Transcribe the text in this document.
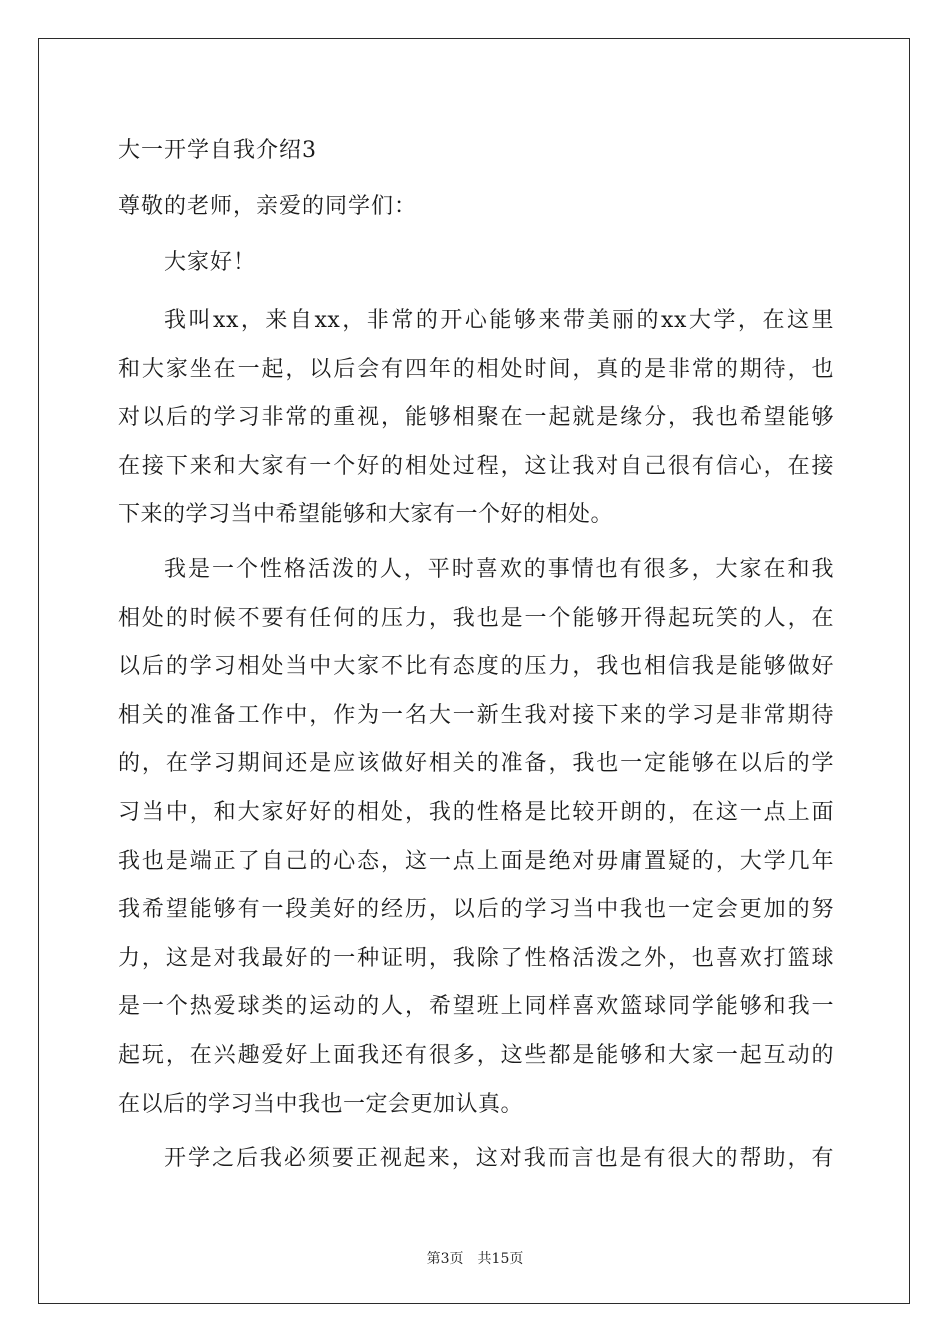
大一开学自我介绍3
尊敬的老师，亲爱的同学们：
大家好！
我叫xx，来自xx，非常的开心能够来带美丽的xx大学，在这里
和大家坐在一起，以后会有四年的相处时间，真的是非常的期待，也
对以后的学习非常的重视，能够相聚在一起就是缘分，我也希望能够
在接下来和大家有一个好的相处过程，这让我对自己很有信心，在接
下来的学习当中希望能够和大家有一个好的相处。
我是一个性格活泼的人，平时喜欢的事情也有很多，大家在和我
相处的时候不要有任何的压力，我也是一个能够开得起玩笑的人，在
以后的学习相处当中大家不比有态度的压力，我也相信我是能够做好
相关的准备工作中，作为一名大一新生我对接下来的学习是非常期待
的，在学习期间还是应该做好相关的准备，我也一定能够在以后的学
习当中，和大家好好的相处，我的性格是比较开朗的，在这一点上面
我也是端正了自己的心态，这一点上面是绝对毋庸置疑的，大学几年
我希望能够有一段美好的经历，以后的学习当中我也一定会更加的努
力，这是对我最好的一种证明，我除了性格活泼之外，也喜欢打篮球
是一个热爱球类的运动的人，希望班上同样喜欢篮球同学能够和我一
起玩，在兴趣爱好上面我还有很多，这些都是能够和大家一起互动的
在以后的学习当中我也一定会更加认真。
开学之后我必须要正视起来，这对我而言也是有很大的帮助，有
第3页 共15页
